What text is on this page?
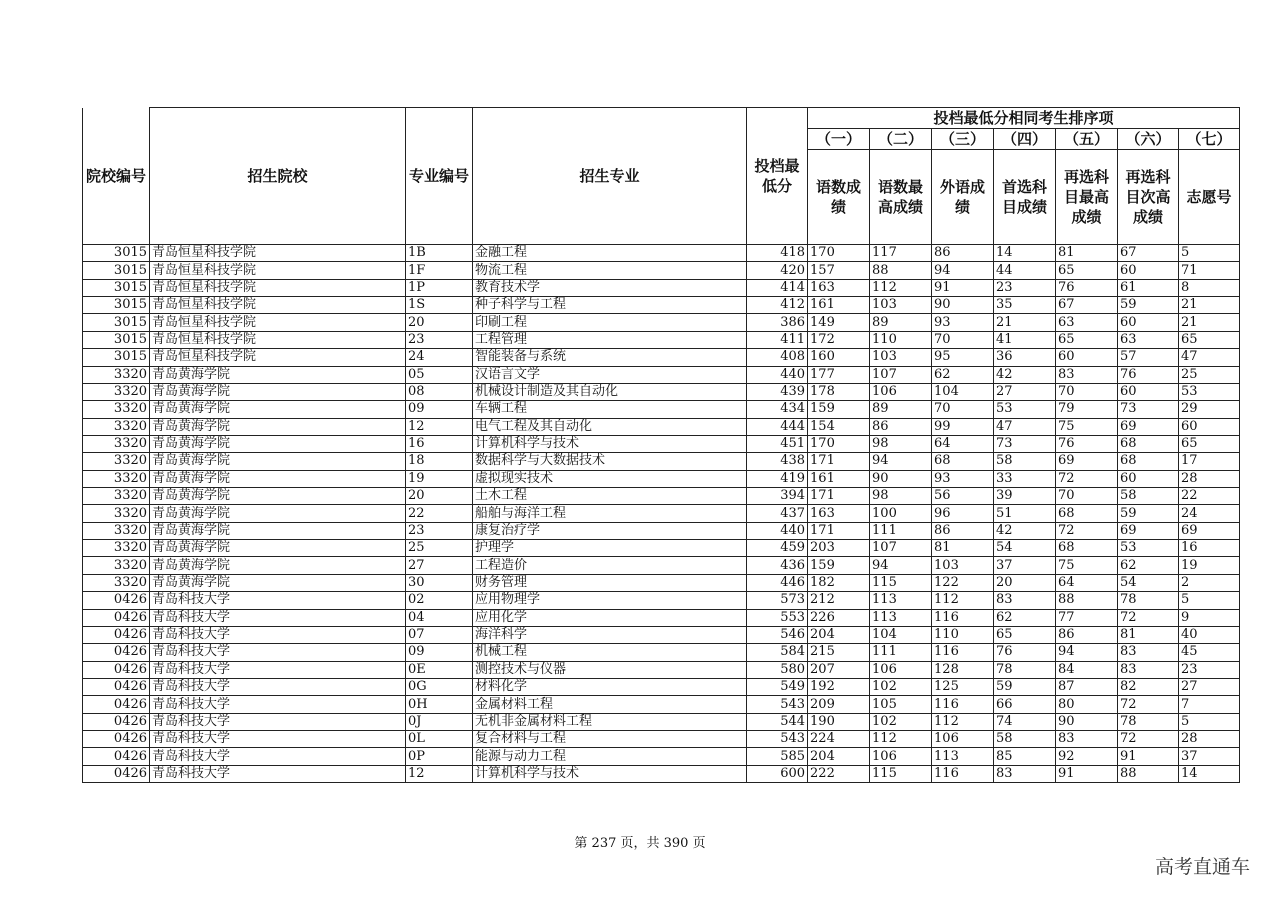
院校编号	招生院校	专业编号	招生专业	投档最低分	投档最低分相同考生排序项						
					（一）	（二）	（三）	（四）	（五）	（六）	（七）
					语数成绩	语数最高成绩	外语成绩	首选科目成绩	再选科目最高成绩	再选科目次高成绩	志愿号
3015	青岛恒星科技学院	1B	金融工程	418	170	117	86	14	81	67	5
3015	青岛恒星科技学院	1F	物流工程	420	157	88	94	44	65	60	71
3015	青岛恒星科技学院	1P	教育技术学	414	163	112	91	23	76	61	8
3015	青岛恒星科技学院	1S	种子科学与工程	412	161	103	90	35	67	59	21
3015	青岛恒星科技学院	20	印刷工程	386	149	89	93	21	63	60	21
3015	青岛恒星科技学院	23	工程管理	411	172	110	70	41	65	63	65
3015	青岛恒星科技学院	24	智能装备与系统	408	160	103	95	36	60	57	47
3320	青岛黄海学院	05	汉语言文学	440	177	107	62	42	83	76	25
3320	青岛黄海学院	08	机械设计制造及其自动化	439	178	106	104	27	70	60	53
3320	青岛黄海学院	09	车辆工程	434	159	89	70	53	79	73	29
3320	青岛黄海学院	12	电气工程及其自动化	444	154	86	99	47	75	69	60
3320	青岛黄海学院	16	计算机科学与技术	451	170	98	64	73	76	68	65
3320	青岛黄海学院	18	数据科学与大数据技术	438	171	94	68	58	69	68	17
3320	青岛黄海学院	19	虚拟现实技术	419	161	90	93	33	72	60	28
3320	青岛黄海学院	20	土木工程	394	171	98	56	39	70	58	22
3320	青岛黄海学院	22	船舶与海洋工程	437	163	100	96	51	68	59	24
3320	青岛黄海学院	23	康复治疗学	440	171	111	86	42	72	69	69
3320	青岛黄海学院	25	护理学	459	203	107	81	54	68	53	16
3320	青岛黄海学院	27	工程造价	436	159	94	103	37	75	62	19
3320	青岛黄海学院	30	财务管理	446	182	115	122	20	64	54	2
0426	青岛科技大学	02	应用物理学	573	212	113	112	83	88	78	5
0426	青岛科技大学	04	应用化学	553	226	113	116	62	77	72	9
0426	青岛科技大学	07	海洋科学	546	204	104	110	65	86	81	40
0426	青岛科技大学	09	机械工程	584	215	111	116	76	94	83	45
0426	青岛科技大学	0E	测控技术与仪器	580	207	106	128	78	84	83	23
0426	青岛科技大学	0G	材料化学	549	192	102	125	59	87	82	27
0426	青岛科技大学	0H	金属材料工程	543	209	105	116	66	80	72	7
0426	青岛科技大学	0J	无机非金属材料工程	544	190	102	112	74	90	78	5
0426	青岛科技大学	0L	复合材料与工程	543	224	112	106	58	83	72	28
0426	青岛科技大学	0P	能源与动力工程	585	204	106	113	85	92	91	37
0426	青岛科技大学	12	计算机科学与技术	600	222	115	116	83	91	88	14
第 237 页，共 390 页
高考直通车
